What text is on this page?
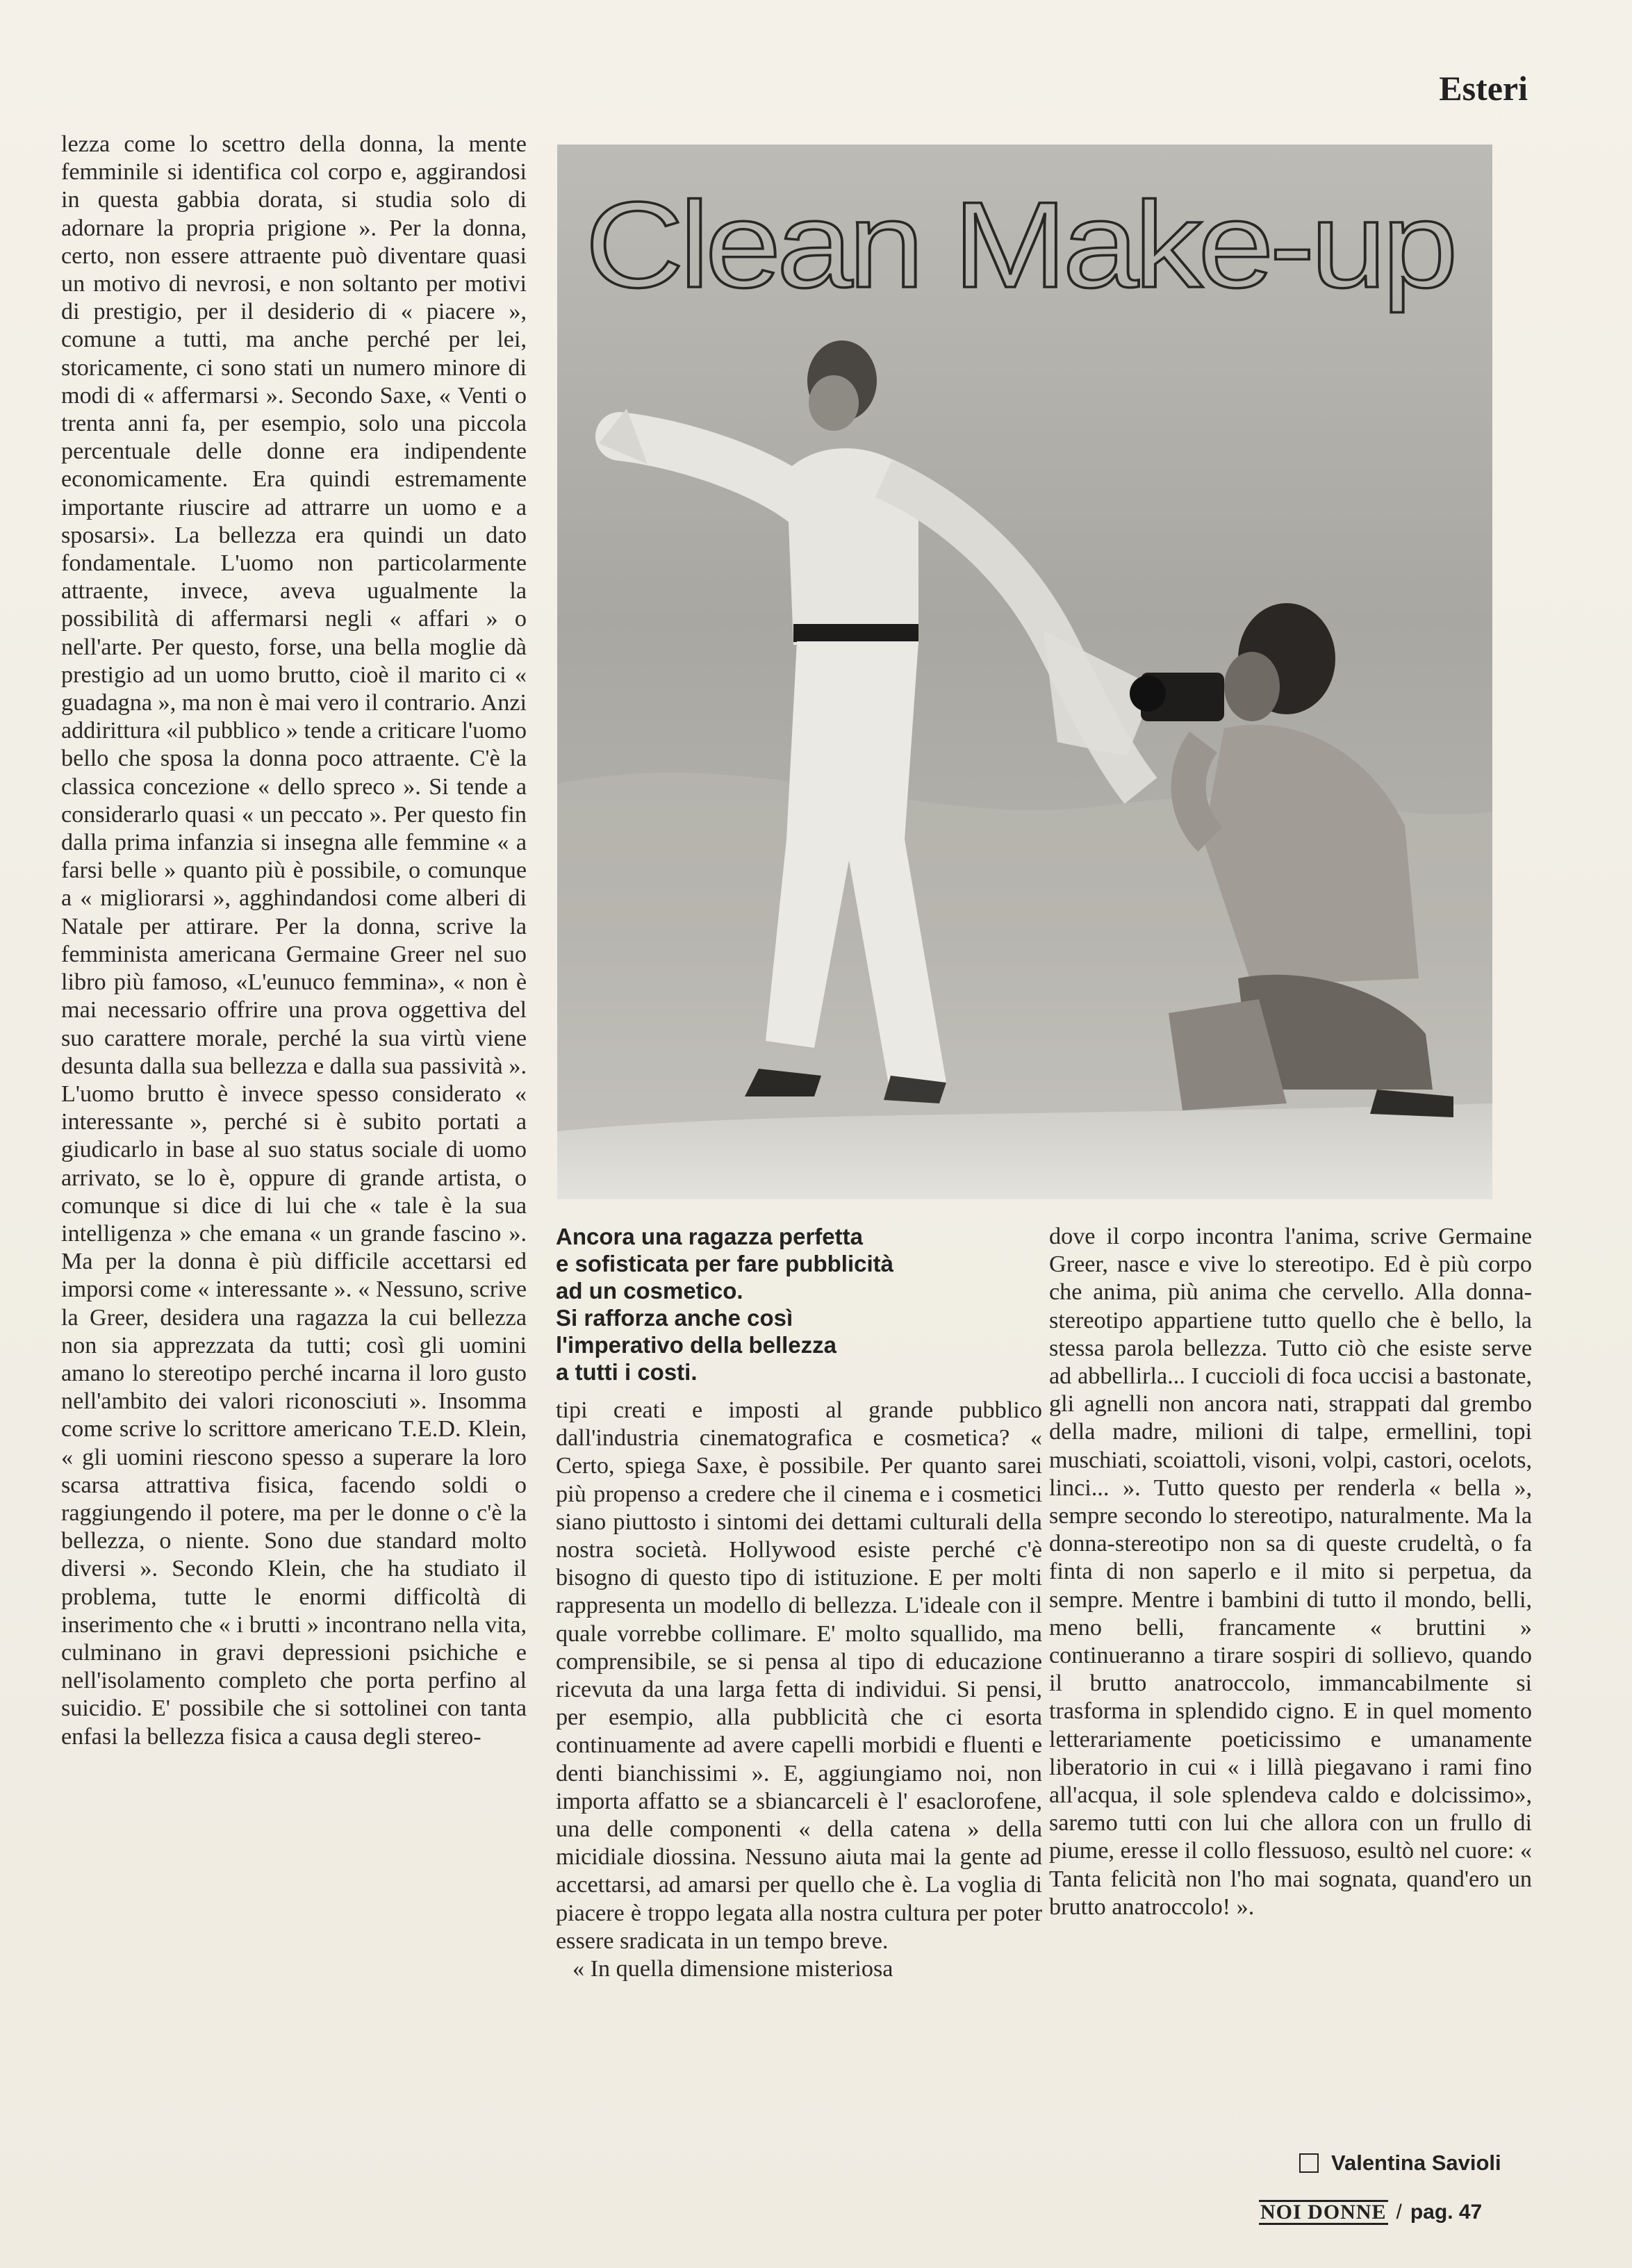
Esteri

lezza come lo scettro della donna, la mente femminile si identifica col corpo e, aggirandosi in questa gabbia dorata, si studia solo di adornare la propria prigione ». Per la donna, certo, non essere attraente può diventare quasi un motivo di nevrosi, e non soltanto per motivi di prestigio, per il desiderio di « piacere », comune a tutti, ma anche perché per lei, storicamente, ci sono stati un numero minore di modi di « affermarsi ». Secondo Saxe, « Venti o trenta anni fa, per esempio, solo una piccola percentuale delle donne era indipendente economicamente. Era quindi estremamente importante riuscire ad attrarre un uomo e a sposarsi». La bellezza era quindi un dato fondamentale. L'uomo non particolarmente attraente, invece, aveva ugualmente la possibilità di affermarsi negli « affari » o nell'arte. Per questo, forse, una bella moglie dà prestigio ad un uomo brutto, cioè il marito ci « guadagna », ma non è mai vero il contrario. Anzi addirittura «il pubblico » tende a criticare l'uomo bello che sposa la donna poco attraente. C'è la classica concezione « dello spreco ». Si tende a considerarlo quasi « un peccato ». Per questo fin dalla prima infanzia si insegna alle femmine « a farsi belle » quanto più è possibile, o comunque a « migliorarsi », agghindandosi come alberi di Natale per attirare. Per la donna, scrive la femminista americana Germaine Greer nel suo libro più famoso, «L'eunuco femmina», « non è mai necessario offrire una prova oggettiva del suo carattere morale, perché la sua virtù viene desunta dalla sua bellezza e dalla sua passività ». L'uomo brutto è invece spesso considerato « interessante », perché si è subito portati a giudicarlo in base al suo status sociale di uomo arrivato, se lo è, oppure di grande artista, o comunque si dice di lui che « tale è la sua intelligenza » che emana « un grande fascino ». Ma per la donna è più difficile accettarsi ed imporsi come « interessante ». « Nessuno, scrive la Greer, desidera una ragazza la cui bellezza non sia apprezzata da tutti; così gli uomini amano lo stereotipo perché incarna il loro gusto nell'ambito dei valori riconosciuti ». Insomma come scrive lo scrittore americano T.E.D. Klein, « gli uomini riescono spesso a superare la loro scarsa attrattiva fisica, facendo soldi o raggiungendo il potere, ma per le donne o c'è la bellezza, o niente. Sono due standard molto diversi ». Secondo Klein, che ha studiato il problema, tutte le enormi difficoltà di inserimento che « i brutti » incontrano nella vita, culminano in gravi depressioni psichiche e nell'isolamento completo che porta perfino al suicidio. E' possibile che si sottolinei con tanta enfasi la bellezza fisica a causa degli stereo-

Clean Make-up
Ancora una ragazza perfetta
e sofisticata per fare pubblicità
ad un cosmetico.
Si rafforza anche così
l'imperativo della bellezza
a tutti i costi.

tipi creati e imposti al grande pubblico dall'industria cinematografica e cosmetica? « Certo, spiega Saxe, è possibile. Per quanto sarei più propenso a credere che il cinema e i cosmetici siano piuttosto i sintomi dei dettami culturali della nostra società. Hollywood esiste perché c'è bisogno di questo tipo di istituzione. E per molti rappresenta un modello di bellezza. L'ideale con il quale vorrebbe collimare. E' molto squallido, ma comprensibile, se si pensa al tipo di educazione ricevuta da una larga fetta di individui. Si pensi, per esempio, alla pubblicità che ci esorta continuamente ad avere capelli morbidi e fluenti e denti bianchissimi ». E, aggiungiamo noi, non importa affatto se a sbiancarceli è l' esaclorofene, una delle componenti « della catena » della micidiale diossina. Nessuno aiuta mai la gente ad accettarsi, ad amarsi per quello che è. La voglia di piacere è troppo legata alla nostra cultura per poter essere sradicata in un tempo breve.

« In quella dimensione misteriosa

dove il corpo incontra l'anima, scrive Germaine Greer, nasce e vive lo stereotipo. Ed è più corpo che anima, più anima che cervello. Alla donna-stereotipo appartiene tutto quello che è bello, la stessa parola bellezza. Tutto ciò che esiste serve ad abbellirla... I cuccioli di foca uccisi a bastonate, gli agnelli non ancora nati, strappati dal grembo della madre, milioni di talpe, ermellini, topi muschiati, scoiattoli, visoni, volpi, castori, ocelots, linci... ». Tutto questo per renderla « bella », sempre secondo lo stereotipo, naturalmente. Ma la donna-stereotipo non sa di queste crudeltà, o fa finta di non saperlo e il mito si perpetua, da sempre. Mentre i bambini di tutto il mondo, belli, meno belli, francamente « bruttini » continueranno a tirare sospiri di sollievo, quando il brutto anatroccolo, immancabilmente si trasforma in splendido cigno. E in quel momento letterariamente poeticissimo e umanamente liberatorio in cui « i lillà piegavano i rami fino all'acqua, il sole splendeva caldo e dolcissimo», saremo tutti con lui che allora con un frullo di piume, eresse il collo flessuoso, esultò nel cuore: « Tanta felicità non l'ho mai sognata, quand'ero un brutto anatroccolo! ».

Valentina Savioli
NOI DONNE / pag. 47
